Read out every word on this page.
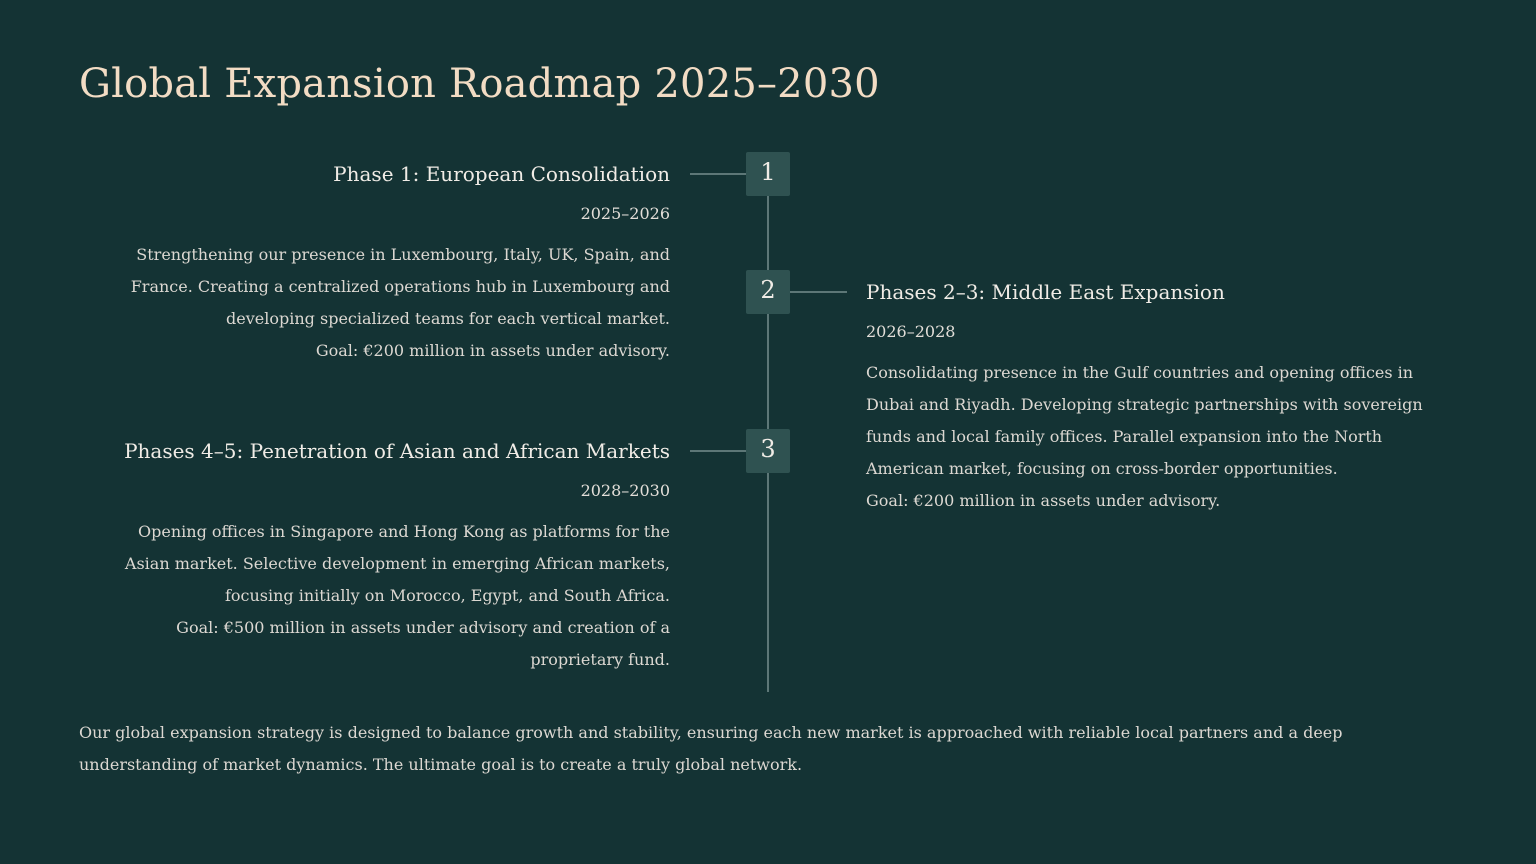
Global Expansion Roadmap 2025–2030
1
Phase 1: European Consolidation

2025–2026

Strengthening our presence in Luxembourg, Italy, UK, Spain, and
France. Creating a centralized operations hub in Luxembourg and
developing specialized teams for each vertical market.
Goal: €200 million in assets under advisory.

2	Phases 2–3: Middle East Expansion

2026–2028

Consolidating presence in the Gulf countries and opening offices in
Dubai and Riyadh. Developing strategic partnerships with sovereign
funds and local family offices. Parallel expansion into the North
American market, focusing on cross-border opportunities.
Goal: €200 million in assets under advisory.

3
Phases 4–5: Penetration of Asian and African Markets

2028–2030

Opening offices in Singapore and Hong Kong as platforms for the
Asian market. Selective development in emerging African markets,
focusing initially on Morocco, Egypt, and South Africa.
Goal: €500 million in assets under advisory and creation of a
proprietary fund.

Our global expansion strategy is designed to balance growth and stability, ensuring each new market is approached with reliable local partners and a deep
understanding of market dynamics. The ultimate goal is to create a truly global network.
